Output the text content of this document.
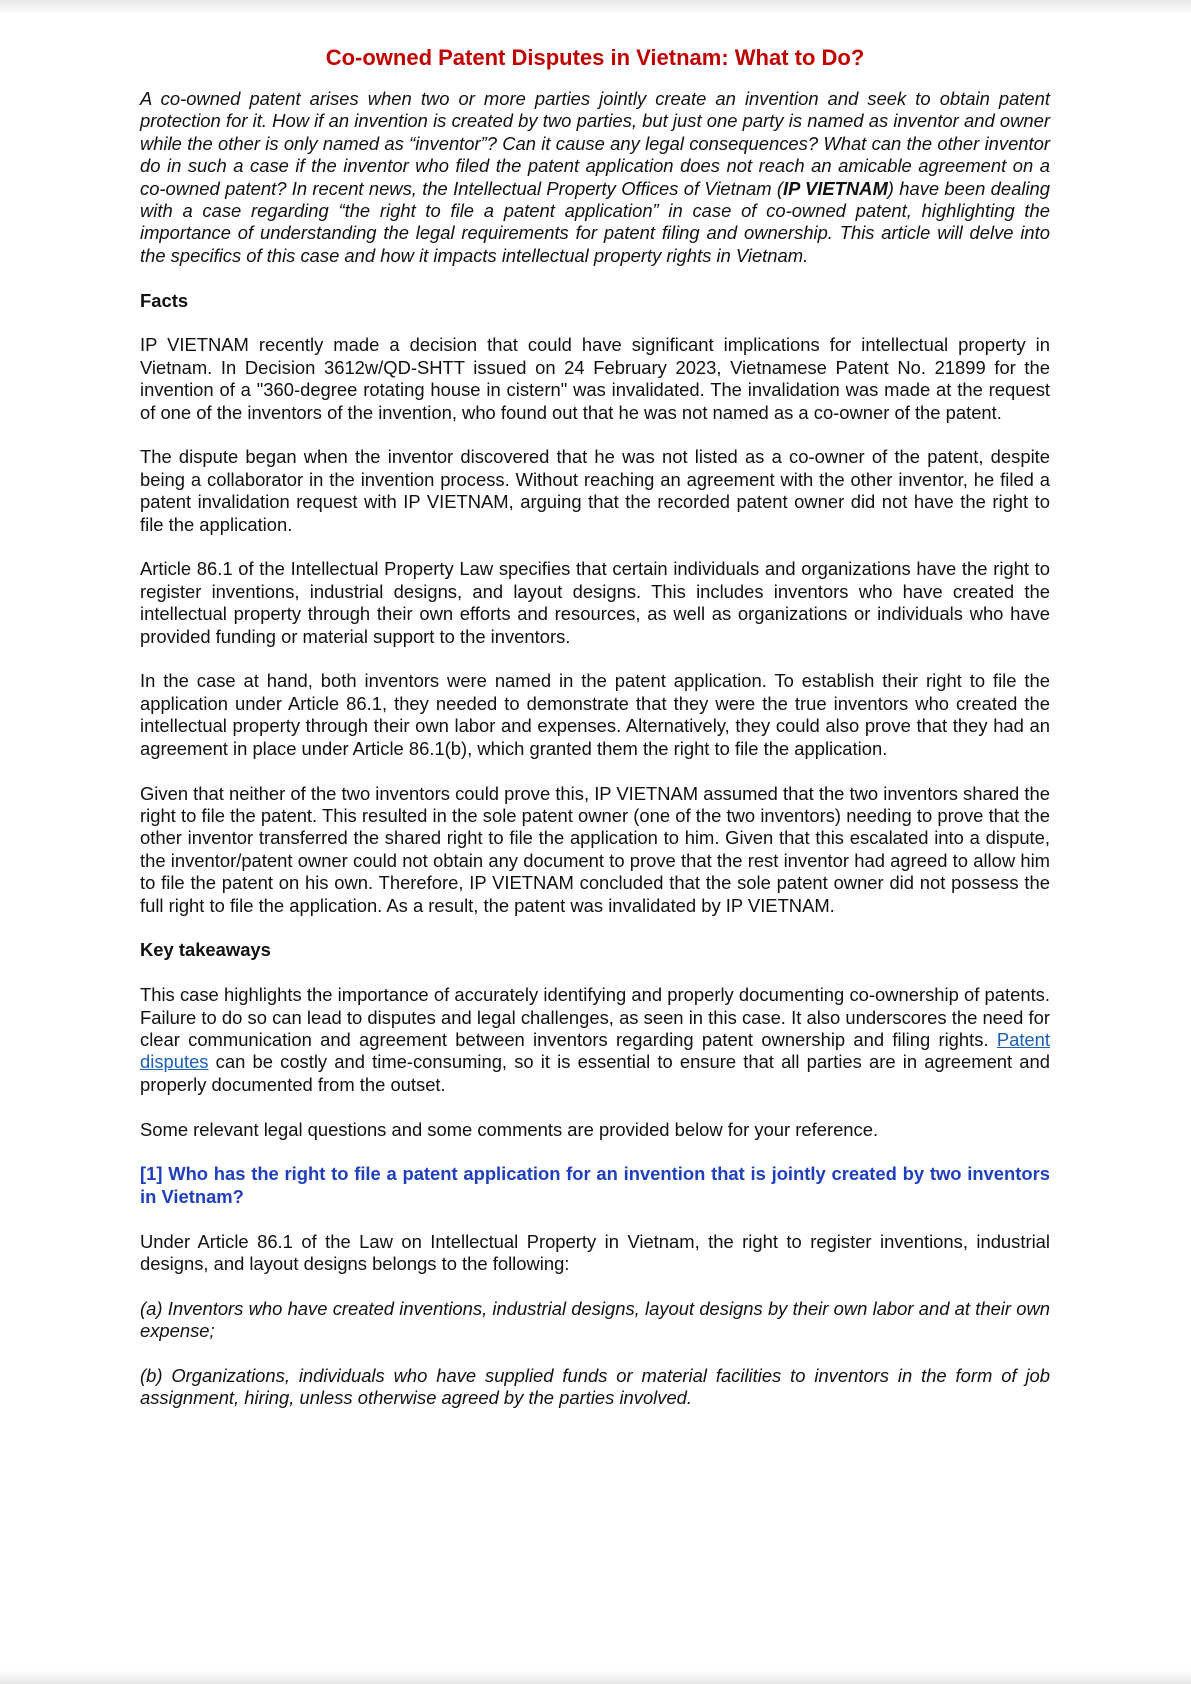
Co-owned Patent Disputes in Vietnam: What to Do?

A co-owned patent arises when two or more parties jointly create an invention and seek to obtain patent protection for it. How if an invention is created by two parties, but just one party is named as inventor and owner while the other is only named as “inventor”? Can it cause any legal consequences? What can the other inventor do in such a case if the inventor who filed the patent application does not reach an amicable agreement on a co-owned patent? In recent news, the Intellectual Property Offices of Vietnam (IP VIETNAM) have been dealing with a case regarding “the right to file a patent application” in case of co-owned patent, highlighting the importance of understanding the legal requirements for patent filing and ownership. This article will delve into the specifics of this case and how it impacts intellectual property rights in Vietnam.

Facts

IP VIETNAM recently made a decision that could have significant implications for intellectual property in Vietnam. In Decision 3612w/QD-SHTT issued on 24 February 2023, Vietnamese Patent No. 21899 for the invention of a "360-degree rotating house in cistern" was invalidated. The invalidation was made at the request of one of the inventors of the invention, who found out that he was not named as a co-owner of the patent.

The dispute began when the inventor discovered that he was not listed as a co-owner of the patent, despite being a collaborator in the invention process. Without reaching an agreement with the other inventor, he filed a patent invalidation request with IP VIETNAM, arguing that the recorded patent owner did not have the right to file the application.

Article 86.1 of the Intellectual Property Law specifies that certain individuals and organizations have the right to register inventions, industrial designs, and layout designs. This includes inventors who have created the intellectual property through their own efforts and resources, as well as organizations or individuals who have provided funding or material support to the inventors.

In the case at hand, both inventors were named in the patent application. To establish their right to file the application under Article 86.1, they needed to demonstrate that they were the true inventors who created the intellectual property through their own labor and expenses. Alternatively, they could also prove that they had an agreement in place under Article 86.1(b), which granted them the right to file the application.

Given that neither of the two inventors could prove this, IP VIETNAM assumed that the two inventors shared the right to file the patent. This resulted in the sole patent owner (one of the two inventors) needing to prove that the other inventor transferred the shared right to file the application to him. Given that this escalated into a dispute, the inventor/patent owner could not obtain any document to prove that the rest inventor had agreed to allow him to file the patent on his own. Therefore, IP VIETNAM concluded that the sole patent owner did not possess the full right to file the application. As a result, the patent was invalidated by IP VIETNAM.

Key takeaways

This case highlights the importance of accurately identifying and properly documenting co-ownership of patents. Failure to do so can lead to disputes and legal challenges, as seen in this case. It also underscores the need for clear communication and agreement between inventors regarding patent ownership and filing rights. Patent disputes can be costly and time-consuming, so it is essential to ensure that all parties are in agreement and properly documented from the outset.

Some relevant legal questions and some comments are provided below for your reference.

[1] Who has the right to file a patent application for an invention that is jointly created by two inventors in Vietnam?

Under Article 86.1 of the Law on Intellectual Property in Vietnam, the right to register inventions, industrial designs, and layout designs belongs to the following:

(a) Inventors who have created inventions, industrial designs, layout designs by their own labor and at their own expense;

(b) Organizations, individuals who have supplied funds or material facilities to inventors in the form of job assignment, hiring, unless otherwise agreed by the parties involved.
